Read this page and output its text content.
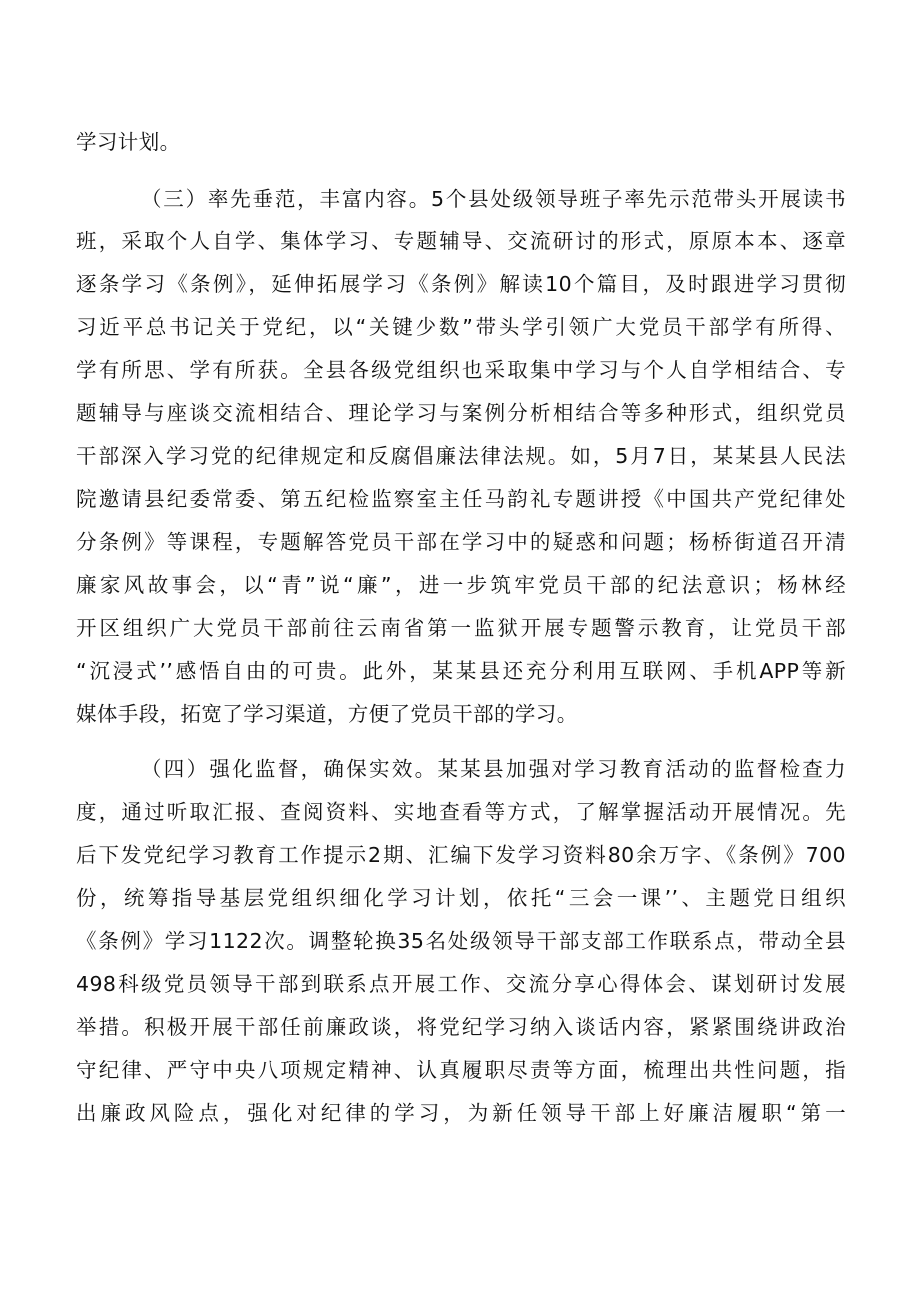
学习计划。
（三）率先垂范，丰富内容。5个县处级领导班子率先示范带头开展读书
班，采取个人自学、集体学习、专题辅导、交流研讨的形式，原原本本、逐章
逐条学习《条例》，延伸拓展学习《条例》解读10个篇目，及时跟进学习贯彻
习近平总书记关于党纪，以“关键少数”带头学引领广大党员干部学有所得、
学有所思、学有所获。全县各级党组织也采取集中学习与个人自学相结合、专
题辅导与座谈交流相结合、理论学习与案例分析相结合等多种形式，组织党员
干部深入学习党的纪律规定和反腐倡廉法律法规。如，5月7日，某某县人民法
院邀请县纪委常委、第五纪检监察室主任马韵礼专题讲授《中国共产党纪律处
分条例》等课程，专题解答党员干部在学习中的疑惑和问题；杨桥街道召开清
廉家风故事会，以“青”说“廉”，进一步筑牢党员干部的纪法意识；杨林经
开区组织广大党员干部前往云南省第一监狱开展专题警示教育，让党员干部
“沉浸式’’感悟自由的可贵。此外，某某县还充分利用互联网、手机APP等新
媒体手段，拓宽了学习渠道，方便了党员干部的学习。
（四）强化监督，确保实效。某某县加强对学习教育活动的监督检查力
度，通过听取汇报、查阅资料、实地查看等方式，了解掌握活动开展情况。先
后下发党纪学习教育工作提示2期、汇编下发学习资料80余万字、《条例》700
份，统筹指导基层党组织细化学习计划，依托“三会一课’’、主题党日组织
《条例》学习1122次。调整轮换35名处级领导干部支部工作联系点，带动全县
498科级党员领导干部到联系点开展工作、交流分享心得体会、谋划研讨发展
举措。积极开展干部任前廉政谈，将党纪学习纳入谈话内容，紧紧围绕讲政治
守纪律、严守中央八项规定精神、认真履职尽责等方面，梳理出共性问题，指
出廉政风险点，强化对纪律的学习，为新任领导干部上好廉洁履职“第一
